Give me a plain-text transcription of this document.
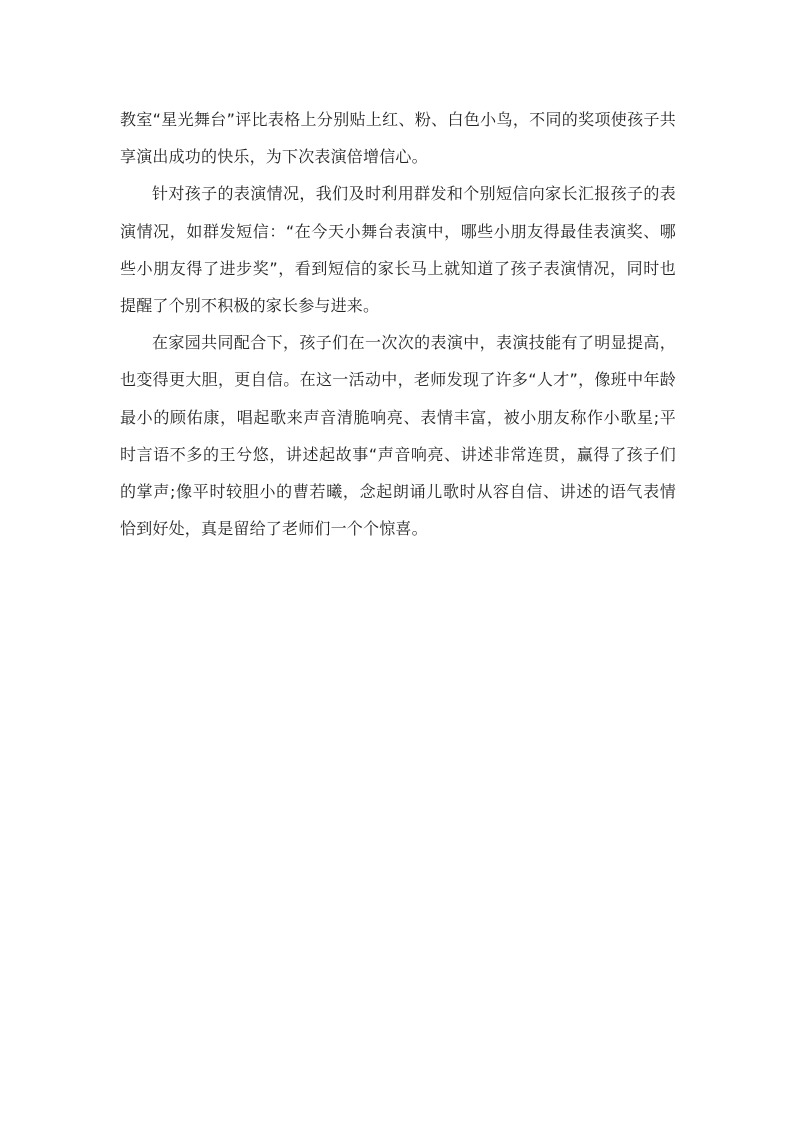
教室“星光舞台”评比表格上分别贴上红、粉、白色小鸟，不同的奖项使孩子共享演出成功的快乐，为下次表演倍增信心。

针对孩子的表演情况，我们及时利用群发和个别短信向家长汇报孩子的表演情况，如群发短信：“在今天小舞台表演中，哪些小朋友得最佳表演奖、哪些小朋友得了进步奖”，看到短信的家长马上就知道了孩子表演情况，同时也提醒了个别不积极的家长参与进来。

在家园共同配合下，孩子们在一次次的表演中，表演技能有了明显提高，也变得更大胆，更自信。在这一活动中，老师发现了许多“人才”，像班中年龄最小的顾佑康，唱起歌来声音清脆响亮、表情丰富，被小朋友称作小歌星;平时言语不多的王兮悠，讲述起故事“声音响亮、讲述非常连贯，赢得了孩子们的掌声;像平时较胆小的曹若曦，念起朗诵儿歌时从容自信、讲述的语气表情恰到好处，真是留给了老师们一个个惊喜。
